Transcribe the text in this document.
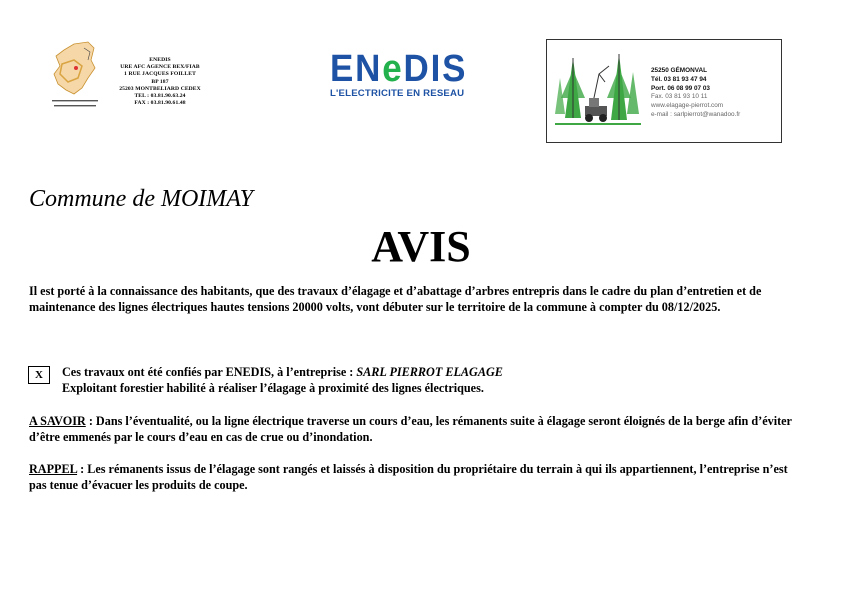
ENEDIS
URE AFC AGENCE BEX/FIAB
1 RUE JACQUES FOILLET
BP 187
25203 MONTBELIARD CEDEX
TEL : 03.81.90.63.24
FAX : 03.81.90.61.48
ENeDIS
L'ELECTRICITE EN RESEAU
25250 GÉMONVAL
Tél. 03 81 93 47 94
Port. 06 08 99 07 03
Fax. 03 81 93 10 11
www.elagage-pierrot.com
e-mail : sarlpierrot@wanadoo.fr
Commune de MOIMAY
AVIS
Il est porté à la connaissance des habitants, que des travaux d’élagage et d’abattage d’arbres entrepris dans le cadre du plan d’entretien et de maintenance des lignes électriques hautes tensions 20000 volts, vont débuter sur le territoire de la commune à compter du 08/12/2025.
X	Ces travaux ont été confiés par ENEDIS, à l’entreprise : SARL PIERROT ELAGAGE
Exploitant forestier habilité à réaliser l’élagage à proximité des lignes électriques.
A SAVOIR : Dans l’éventualité, ou la ligne électrique traverse un cours d’eau, les rémanents suite à élagage seront éloignés de la berge afin d’éviter d’être emmenés par le cours d’eau en cas de crue ou d’inondation.
RAPPEL : Les rémanents issus de l’élagage sont rangés et laissés à disposition du propriétaire du terrain à qui ils appartiennent, l’entreprise n’est pas tenue d’évacuer les produits de coupe.
